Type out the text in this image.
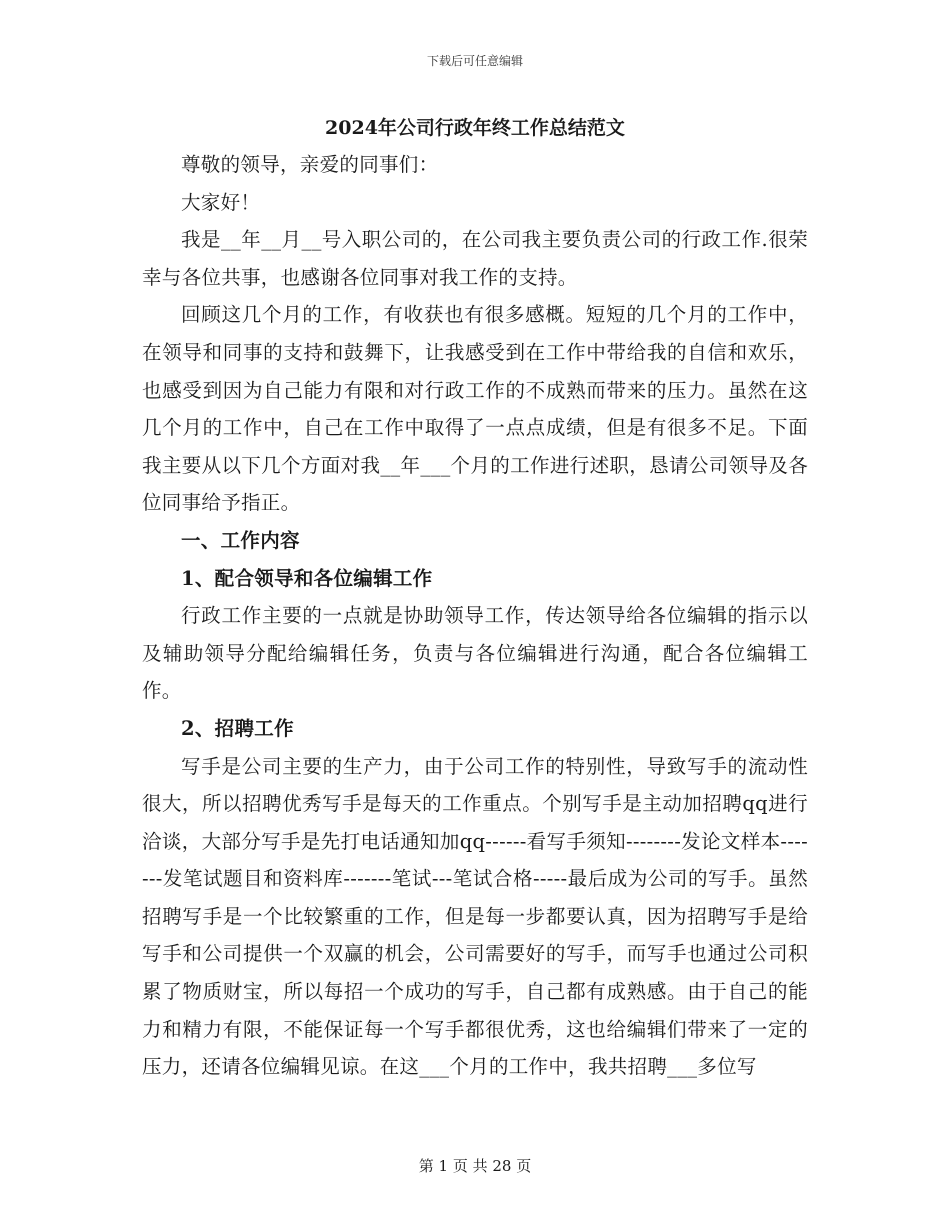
下载后可任意编辑
2024年公司行政年终工作总结范文

尊敬的领导，亲爱的同事们：

大家好！

我是__年__月__号入职公司的，在公司我主要负责公司的行政工作.很荣幸与各位共事，也感谢各位同事对我工作的支持。

回顾这几个月的工作，有收获也有很多感概。短短的几个月的工作中，在领导和同事的支持和鼓舞下，让我感受到在工作中带给我的自信和欢乐，也感受到因为自己能力有限和对行政工作的不成熟而带来的压力。虽然在这几个月的工作中，自己在工作中取得了一点点成绩，但是有很多不足。下面我主要从以下几个方面对我__年___个月的工作进行述职，恳请公司领导及各位同事给予指正。

一、工作内容

1、配合领导和各位编辑工作

行政工作主要的一点就是协助领导工作，传达领导给各位编辑的指示以及辅助领导分配给编辑任务，负责与各位编辑进行沟通，配合各位编辑工作。

2、招聘工作

写手是公司主要的生产力，由于公司工作的特别性，导致写手的流动性很大，所以招聘优秀写手是每天的工作重点。个别写手是主动加招聘qq进行洽谈，大部分写手是先打电话通知加qq------看写手须知--------发论文样本-------发笔试题目和资料库-------笔试---笔试合格-----最后成为公司的写手。虽然招聘写手是一个比较繁重的工作，但是每一步都要认真，因为招聘写手是给写手和公司提供一个双赢的机会，公司需要好的写手，而写手也通过公司积累了物质财宝，所以每招一个成功的写手，自己都有成熟感。由于自己的能力和精力有限，不能保证每一个写手都很优秀，这也给编辑们带来了一定的压力，还请各位编辑见谅。在这___个月的工作中，我共招聘___多位写

第 1 页 共 28 页
